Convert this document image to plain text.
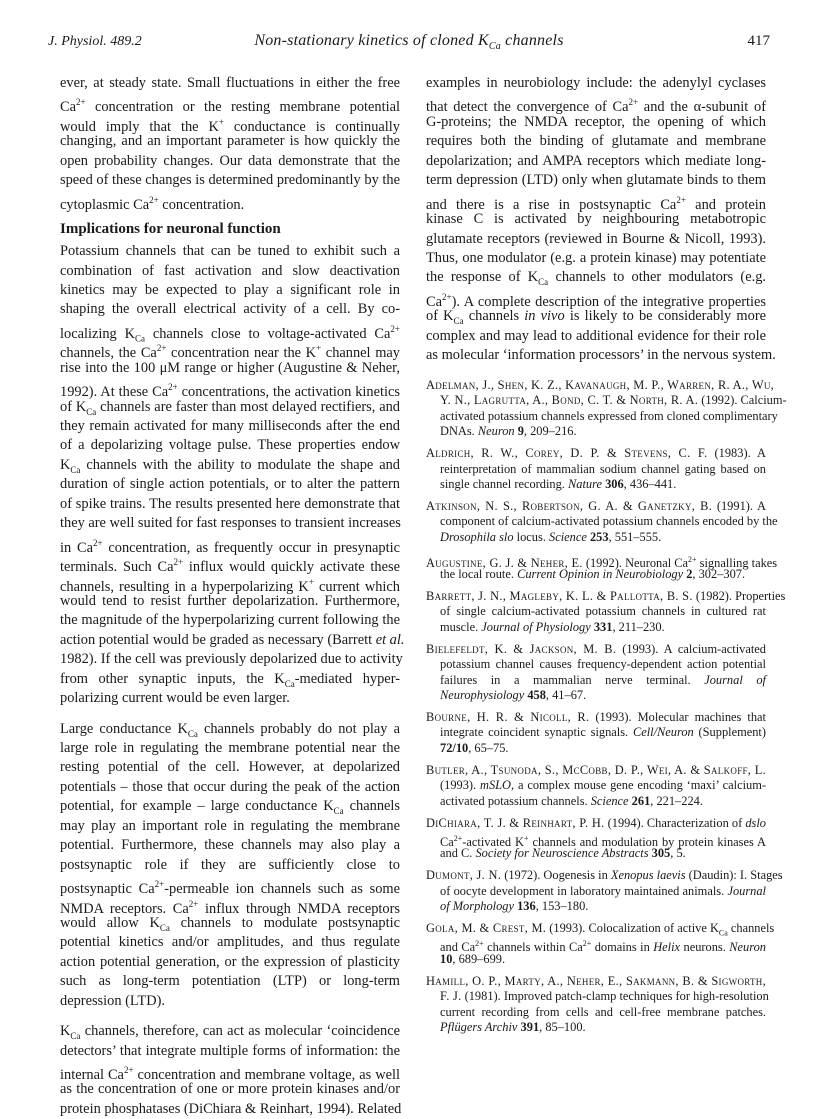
J. Physiol. 489.2	Non-stationary kinetics of cloned $K_{Ca}$ channels	417
ever, at steady state. Small fluctuations in either the free
$Ca^{2+}$ concentration or the resting membrane potential
would imply that the K+ conductance is continually
changing, and an important parameter is how quickly the
open probability changes. Our data demonstrate that the
speed of these changes is determined predominantly by the
cytoplasmic $Ca^{2+}$ concentration.
Implications for neuronal function
Potassium channels that can be tuned to exhibit such a
combination of fast activation and slow deactivation
kinetics may be expected to play a significant role in
shaping the overall electrical activity of a cell. By co-
localizing $K_{Ca}$ channels close to voltage-activated $Ca^{2+}$
channels, the $Ca^{2+}$ concentration near the K+ channel may
rise into the 100 μM range or higher (Augustine & Neher,
1992). At these $Ca^{2+}$ concentrations, the activation kinetics
of $K_{Ca}$ channels are faster than most delayed rectifiers, and
they remain activated for many milliseconds after the end
of a depolarizing voltage pulse. These properties endow
$K_{Ca}$ channels with the ability to modulate the shape and
duration of single action potentials, or to alter the pattern
of spike trains. The results presented here demonstrate that
they are well suited for fast responses to transient increases
in $Ca^{2+}$ concentration, as frequently occur in presynaptic
terminals. Such $Ca^{2+}$ influx would quickly activate these
channels, resulting in a hyperpolarizing K+ current which
would tend to resist further depolarization. Furthermore,
the magnitude of the hyperpolarizing current following the
action potential would be graded as necessary (Barrett et al.
1982). If the cell was previously depolarized due to activity
from other synaptic inputs, the $K_{Ca}$-mediated hyper-
polarizing current would be even larger.
Large conductance $K_{Ca}$ channels probably do not play a
large role in regulating the membrane potential near the
resting potential of the cell. However, at depolarized
potentials – those that occur during the peak of the action
potential, for example – large conductance $K_{Ca}$ channels
may play an important role in regulating the membrane
potential. Furthermore, these channels may also play a
postsynaptic role if they are sufficiently close to
postsynaptic $Ca^{2+}$-permeable ion channels such as some
NMDA receptors. $Ca^{2+}$ influx through NMDA receptors
would allow $K_{Ca}$ channels to modulate postsynaptic
potential kinetics and/or amplitudes, and thus regulate
action potential generation, or the expression of plasticity
such as long-term potentiation (LTP) or long-term
depression (LTD).
$K_{Ca}$ channels, therefore, can act as molecular ‘coincidence
detectors’ that integrate multiple forms of information: the
internal $Ca^{2+}$ concentration and membrane voltage, as well
as the concentration of one or more protein kinases and/or
protein phosphatases (DiChiara & Reinhart, 1994). Related
examples in neurobiology include: the adenylyl cyclases
that detect the convergence of $Ca^{2+}$ and the α-subunit of
G-proteins; the NMDA receptor, the opening of which
requires both the binding of glutamate and membrane
depolarization; and AMPA receptors which mediate long-
term depression (LTD) only when glutamate binds to them
and there is a rise in postsynaptic $Ca^{2+}$ and protein
kinase C is activated by neighbouring metabotropic
glutamate receptors (reviewed in Bourne & Nicoll, 1993).
Thus, one modulator (e.g. a protein kinase) may potentiate
the response of $K_{Ca}$ channels to other modulators (e.g.
$Ca^{2+}$). A complete description of the integrative properties
of $K_{Ca}$ channels in vivo is likely to be considerably more
complex and may lead to additional evidence for their role
as molecular ‘information processors’ in the nervous system.
Adelman, J., Shen, K. Z., Kavanaugh, M. P., Warren, R. A., Wu,
Y. N., Lagrutta, A., Bond, C. T. & North, R. A. (1992). Calcium-
activated potassium channels expressed from cloned complimentary
DNAs. Neuron 9, 209–216.
Aldrich, R. W., Corey, D. P. & Stevens, C. F. (1983). A
reinterpretation of mammalian sodium channel gating based on
single channel recording. Nature 306, 436–441.
Atkinson, N. S., Robertson, G. A. & Ganetzky, B. (1991). A
component of calcium-activated potassium channels encoded by the
Drosophila slo locus. Science 253, 551–555.
Augustine, G. J. & Neher, E. (1992). Neuronal $Ca^{2+}$ signalling takes
the local route. Current Opinion in Neurobiology 2, 302–307.
Barrett, J. N., Magleby, K. L. & Pallotta, B. S. (1982). Properties
of single calcium-activated potassium channels in cultured rat
muscle. Journal of Physiology 331, 211–230.
Bielefeldt, K. & Jackson, M. B. (1993). A calcium-activated
potassium channel causes frequency-dependent action potential
failures in a mammalian nerve terminal. Journal of
Neurophysiology 458, 41–67.
Bourne, H. R. & Nicoll, R. (1993). Molecular machines that
integrate coincident synaptic signals. Cell/Neuron (Supplement)
72/10, 65–75.
Butler, A., Tsunoda, S., McCobb, D. P., Wei, A. & Salkoff, L.
(1993). mSLO, a complex mouse gene encoding ‘maxi’ calcium-
activated potassium channels. Science 261, 221–224.
DiChiara, T. J. & Reinhart, P. H. (1994). Characterization of dslo
$Ca^{2+}$-activated K+ channels and modulation by protein kinases A
and C. Society for Neuroscience Abstracts 305, 5.
Dumont, J. N. (1972). Oogenesis in Xenopus laevis (Daudin): I. Stages
of oocyte development in laboratory maintained animals. Journal
of Morphology 136, 153–180.
Gola, M. & Crest, M. (1993). Colocalization of active $K_{Ca}$ channels
and $Ca^{2+}$ channels within $Ca^{2+}$ domains in Helix neurons. Neuron
10, 689–699.
Hamill, O. P., Marty, A., Neher, E., Sakmann, B. & Sigworth,
F. J. (1981). Improved patch-clamp techniques for high-resolution
current recording from cells and cell-free membrane patches.
Pflügers Archiv 391, 85–100.
